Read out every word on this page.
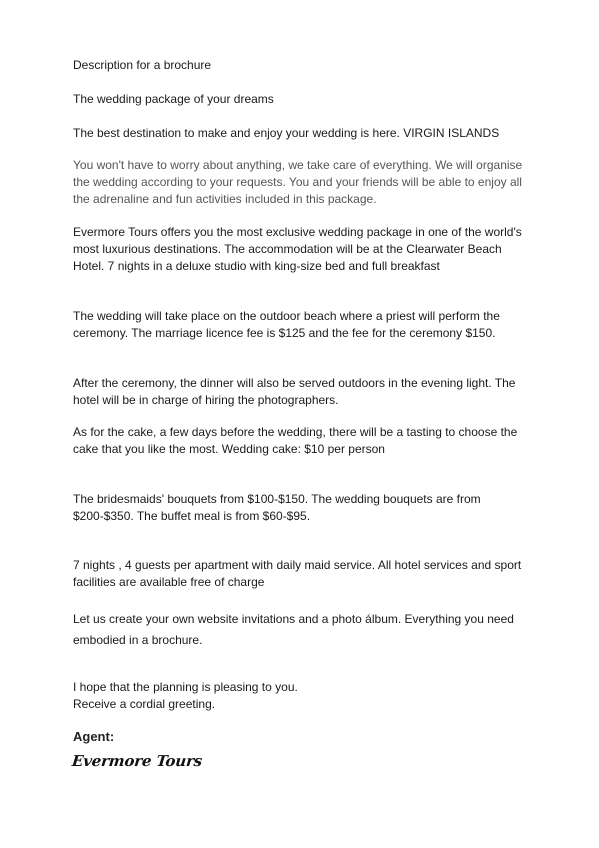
Description for a brochure

The wedding package of your dreams

The best destination to make and enjoy your wedding is here. VIRGIN ISLANDS

You won't have to worry about anything, we take care of everything. We will organise the wedding according to your requests. You and your friends will be able to enjoy all the adrenaline and fun activities included in this package.

Evermore Tours offers you the most exclusive wedding package in one of the world's most luxurious destinations. The accommodation will be at the Clearwater Beach Hotel. 7 nights in a deluxe studio with king-size bed and full breakfast

The wedding will take place on the outdoor beach where a priest will perform the ceremony. The marriage licence fee is $125 and the fee for the ceremony $150.

After the ceremony, the dinner will also be served outdoors in the evening light. The hotel will be in charge of hiring the photographers.

As for the cake, a few days before the wedding, there will be a tasting to choose the cake that you like the most. Wedding cake: $10 per person

The bridesmaids' bouquets from $100-$150. The wedding bouquets are from $200-$350. The buffet meal is from $60-$95.

7 nights , 4 guests per apartment with daily maid service. All hotel services and sport facilities are available free of charge

Let us create your own website invitations and a photo álbum. Everything you need embodied in a brochure.

I hope that the planning is pleasing to you.

Receive a cordial greeting.

Agent:

Evermore Tours
